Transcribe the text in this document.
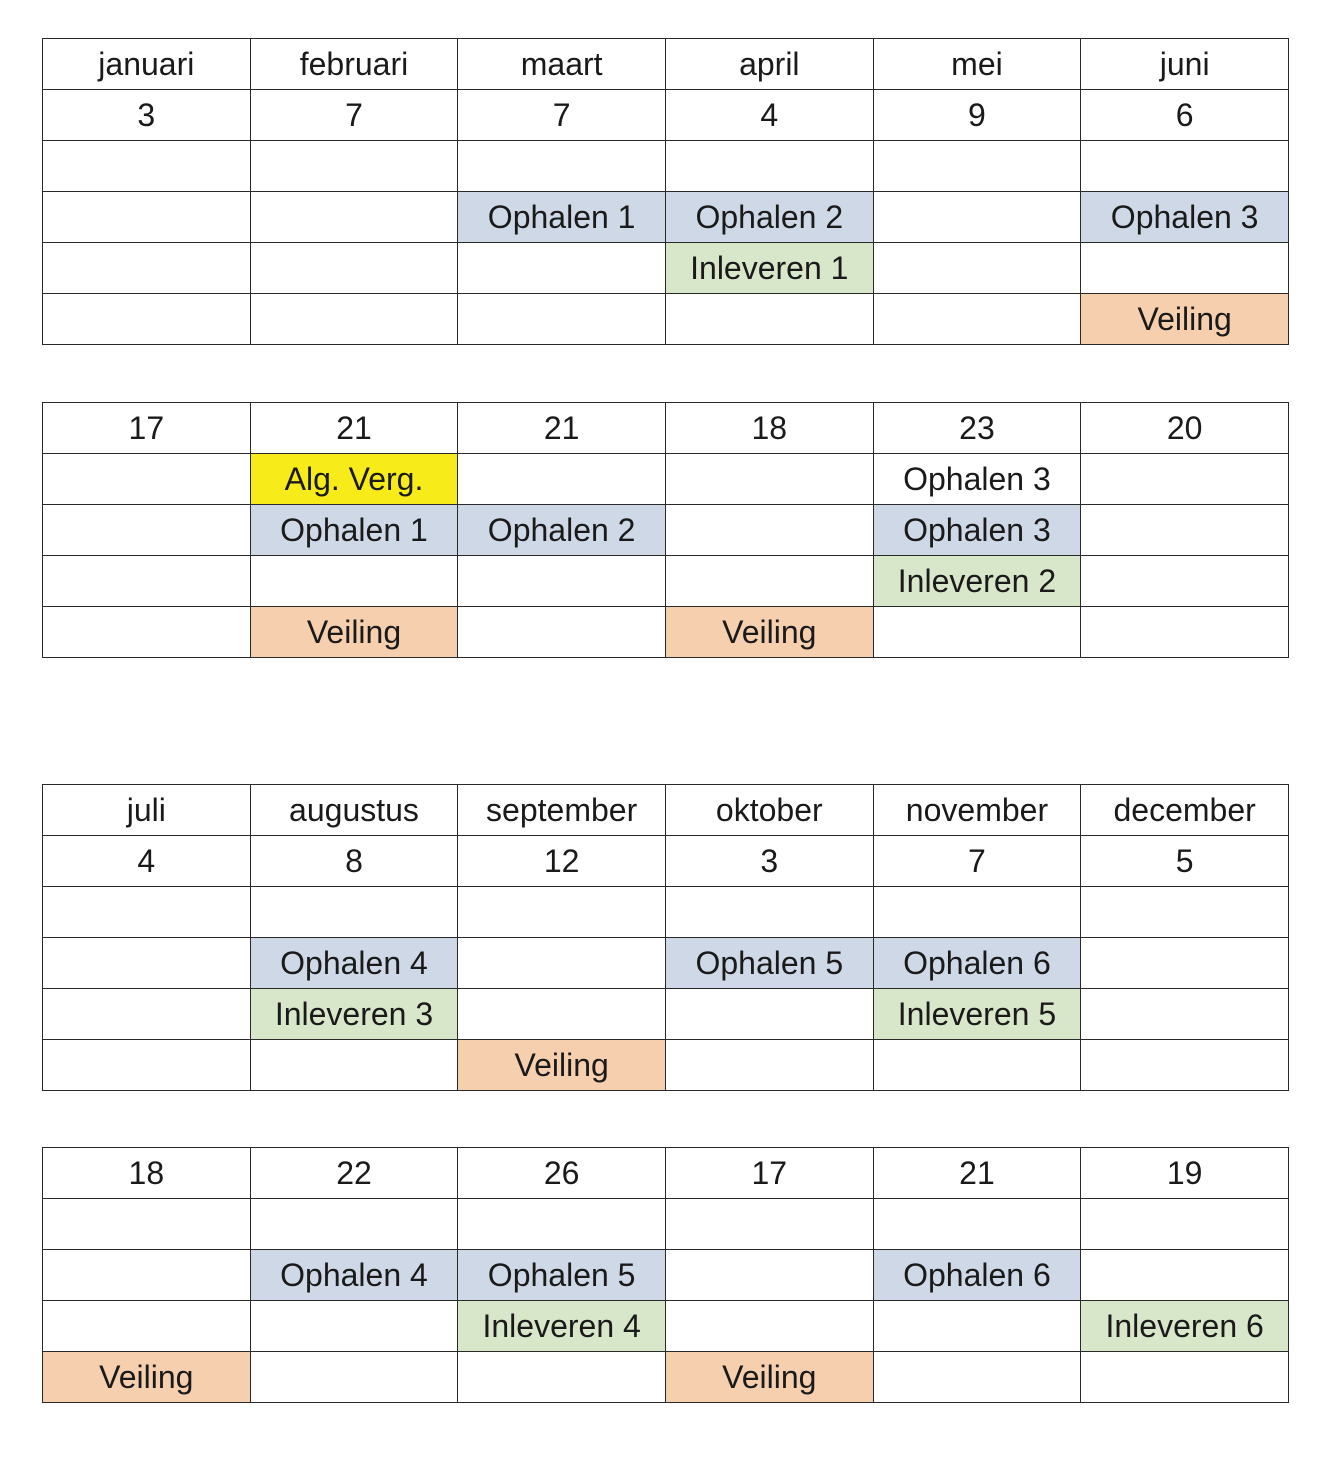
januari	februari	maart	april	mei	juni
3	7	7	4	9	6

		Ophalen 1	Ophalen 2		Ophalen 3
			Inleveren 1		
					Veiling
17	21	21	18	23	20
	Alg. Verg.			Ophalen 3	
	Ophalen 1	Ophalen 2		Ophalen 3	
				Inleveren 2	
	Veiling		Veiling		
juli	augustus	september	oktober	november	december
4	8	12	3	7	5

	Ophalen 4		Ophalen 5	Ophalen 6	
	Inleveren 3			Inleveren 5	
		Veiling			
18	22	26	17	21	19

	Ophalen 4	Ophalen 5		Ophalen 6	
		Inleveren 4			Inleveren 6
Veiling			Veiling		
